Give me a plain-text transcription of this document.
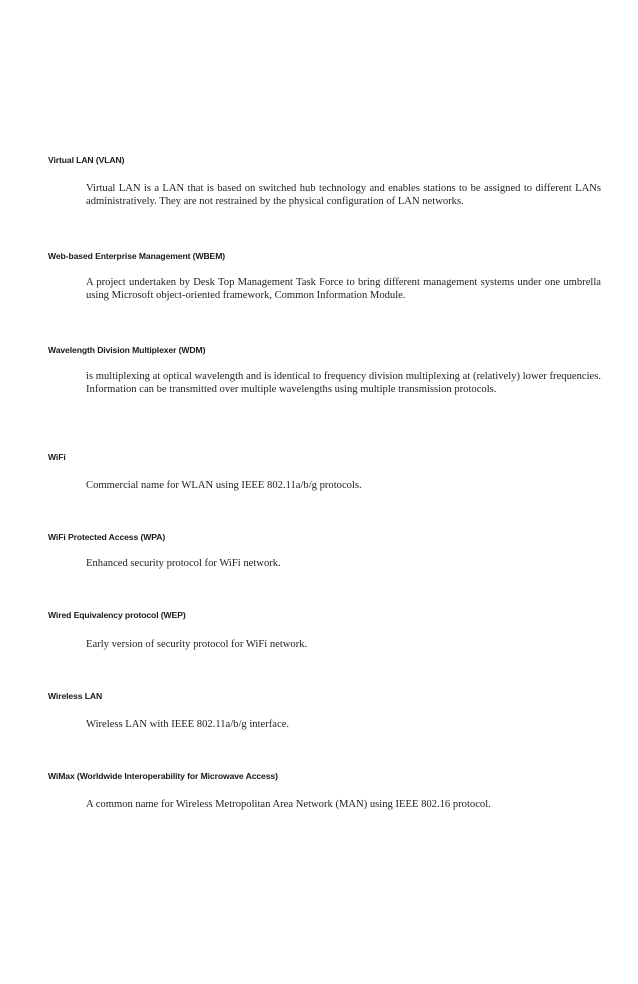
Virtual LAN (VLAN)

Virtual LAN is a LAN that is based on switched hub technology and enables stations to be assigned to different LANs administratively. They are not restrained by the physical configuration of LAN networks.

Web-based Enterprise Management (WBEM)

A project undertaken by Desk Top Management Task Force to bring different management systems under one umbrella using Microsoft object-oriented framework, Common Information Module.

Wavelength Division Multiplexer (WDM)

is multiplexing at optical wavelength and is identical to frequency division multiplexing at (relatively) lower frequencies. Information can be transmitted over multiple wavelengths using multiple transmission protocols.

WiFi

Commercial name for WLAN using IEEE 802.11a/b/g protocols.

WiFi Protected Access (WPA)

Enhanced security protocol for WiFi network.

Wired Equivalency protocol (WEP)

Early version of security protocol for WiFi network.

Wireless LAN

Wireless LAN with IEEE 802.11a/b/g interface.

WiMax (Worldwide Interoperability for Microwave Access)

A common name for Wireless Metropolitan Area Network (MAN) using IEEE 802.16 protocol.
